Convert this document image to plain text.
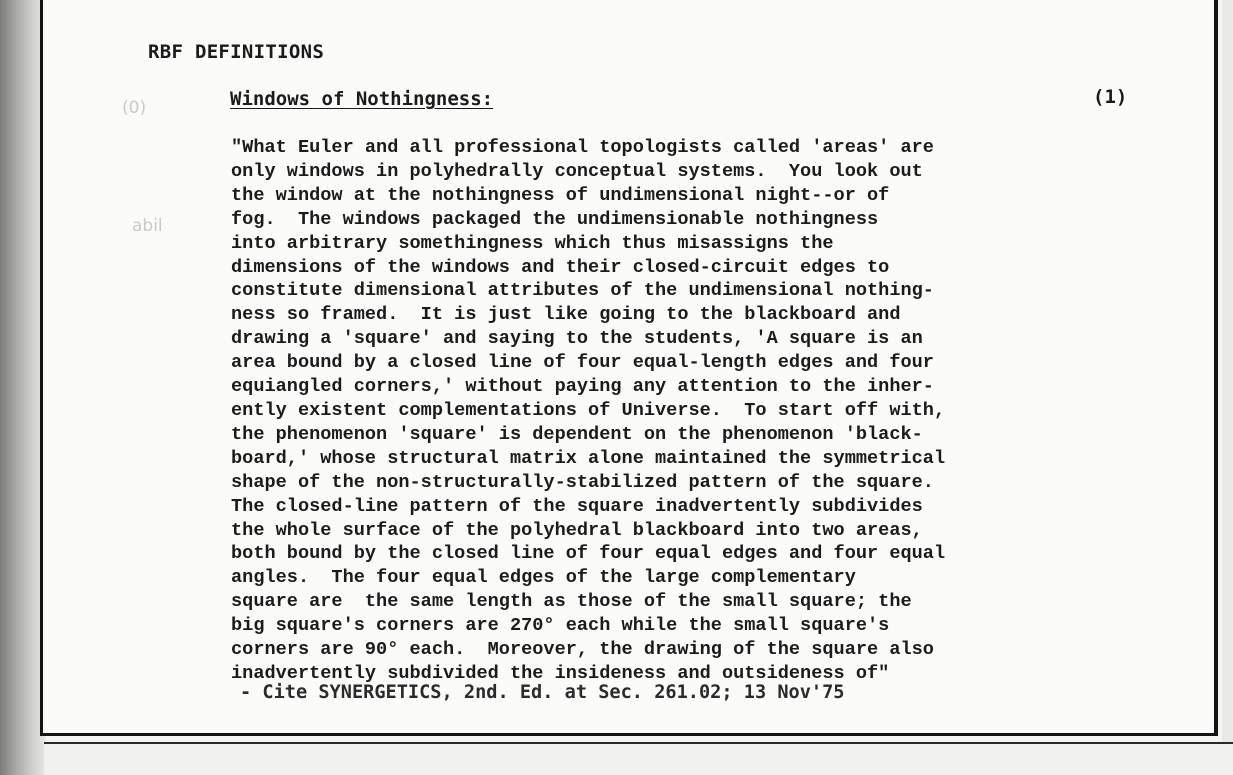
(0)
abil
RBF DEFINITIONS
Windows of Nothingness:	(1)
"What Euler and all professional topologists called 'areas' are
only windows in polyhedrally conceptual systems.  You look out
the window at the nothingness of undimensional night--or of
fog.  The windows packaged the undimensionable nothingness
into arbitrary somethingness which thus misassigns the
dimensions of the windows and their closed-circuit edges to
constitute dimensional attributes of the undimensional nothing-
ness so framed.  It is just like going to the blackboard and
drawing a 'square' and saying to the students, 'A square is an
area bound by a closed line of four equal-length edges and four
equiangled corners,' without paying any attention to the inher-
ently existent complementations of Universe.  To start off with,
the phenomenon 'square' is dependent on the phenomenon 'black-
board,' whose structural matrix alone maintained the symmetrical
shape of the non-structurally-stabilized pattern of the square.
The closed-line pattern of the square inadvertently subdivides
the whole surface of the polyhedral blackboard into two areas,
both bound by the closed line of four equal edges and four equal
angles.  The four equal edges of the large complementary
square are  the same length as those of the small square; the
big square's corners are 270° each while the small square's
corners are 90° each.  Moreover, the drawing of the square also
inadvertently subdivided the insideness and outsideness of"
- Cite SYNERGETICS, 2nd. Ed. at Sec. 261.02; 13 Nov'75
